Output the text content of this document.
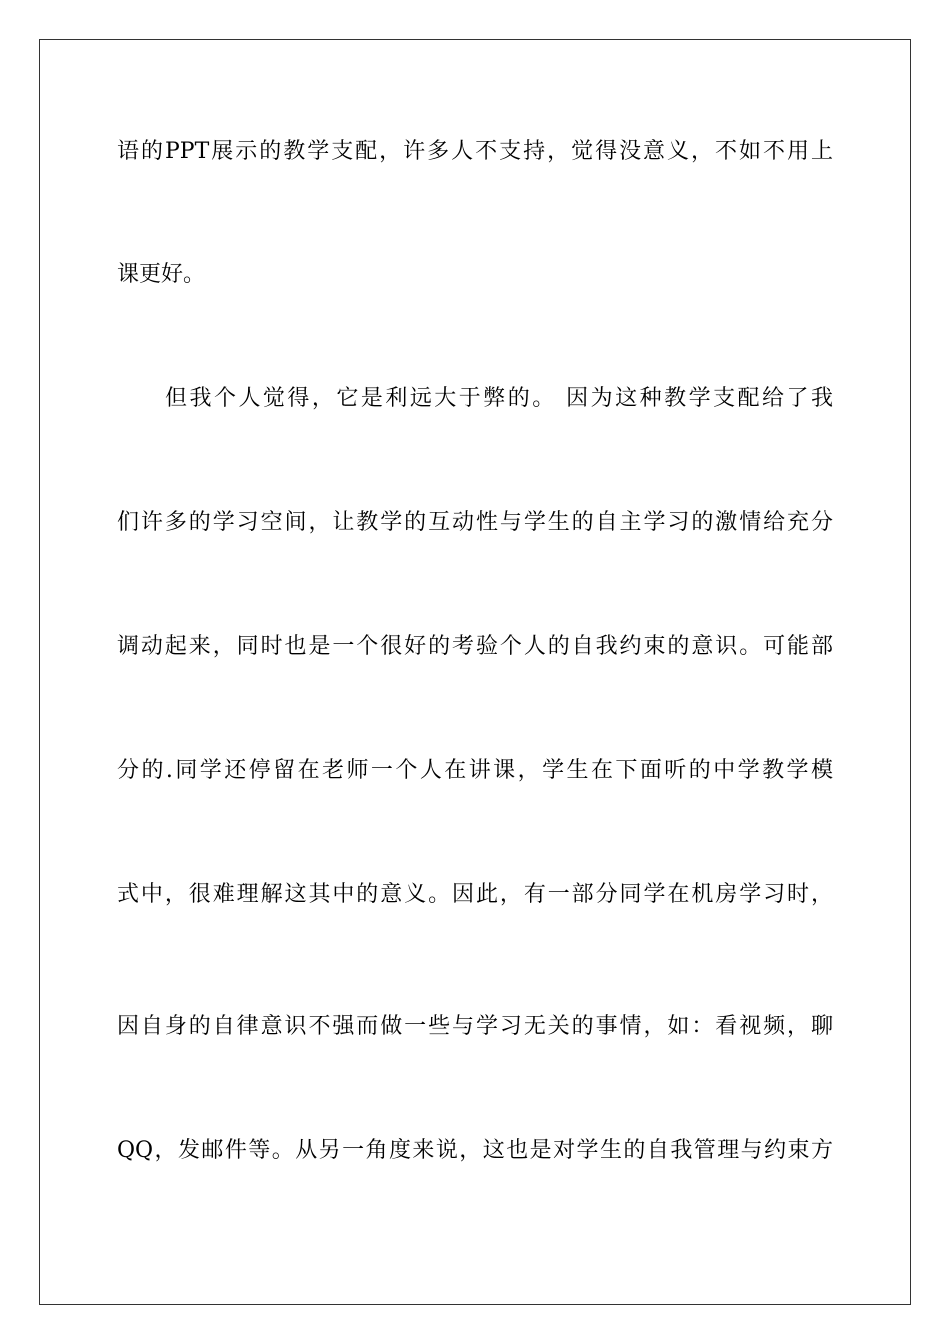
语的PPT展示的教学支配，许多人不支持，觉得没意义，不如不用上
课更好。
但我个人觉得，它是利远大于弊的。 因为这种教学支配给了我
们许多的学习空间，让教学的互动性与学生的自主学习的激情给充分
调动起来，同时也是一个很好的考验个人的自我约束的意识。可能部
分的.同学还停留在老师一个人在讲课，学生在下面听的中学教学模
式中，很难理解这其中的意义。因此，有一部分同学在机房学习时，
因自身的自律意识不强而做一些与学习无关的事情，如：看视频，聊
QQ，发邮件等。从另一角度来说，这也是对学生的自我管理与约束方
